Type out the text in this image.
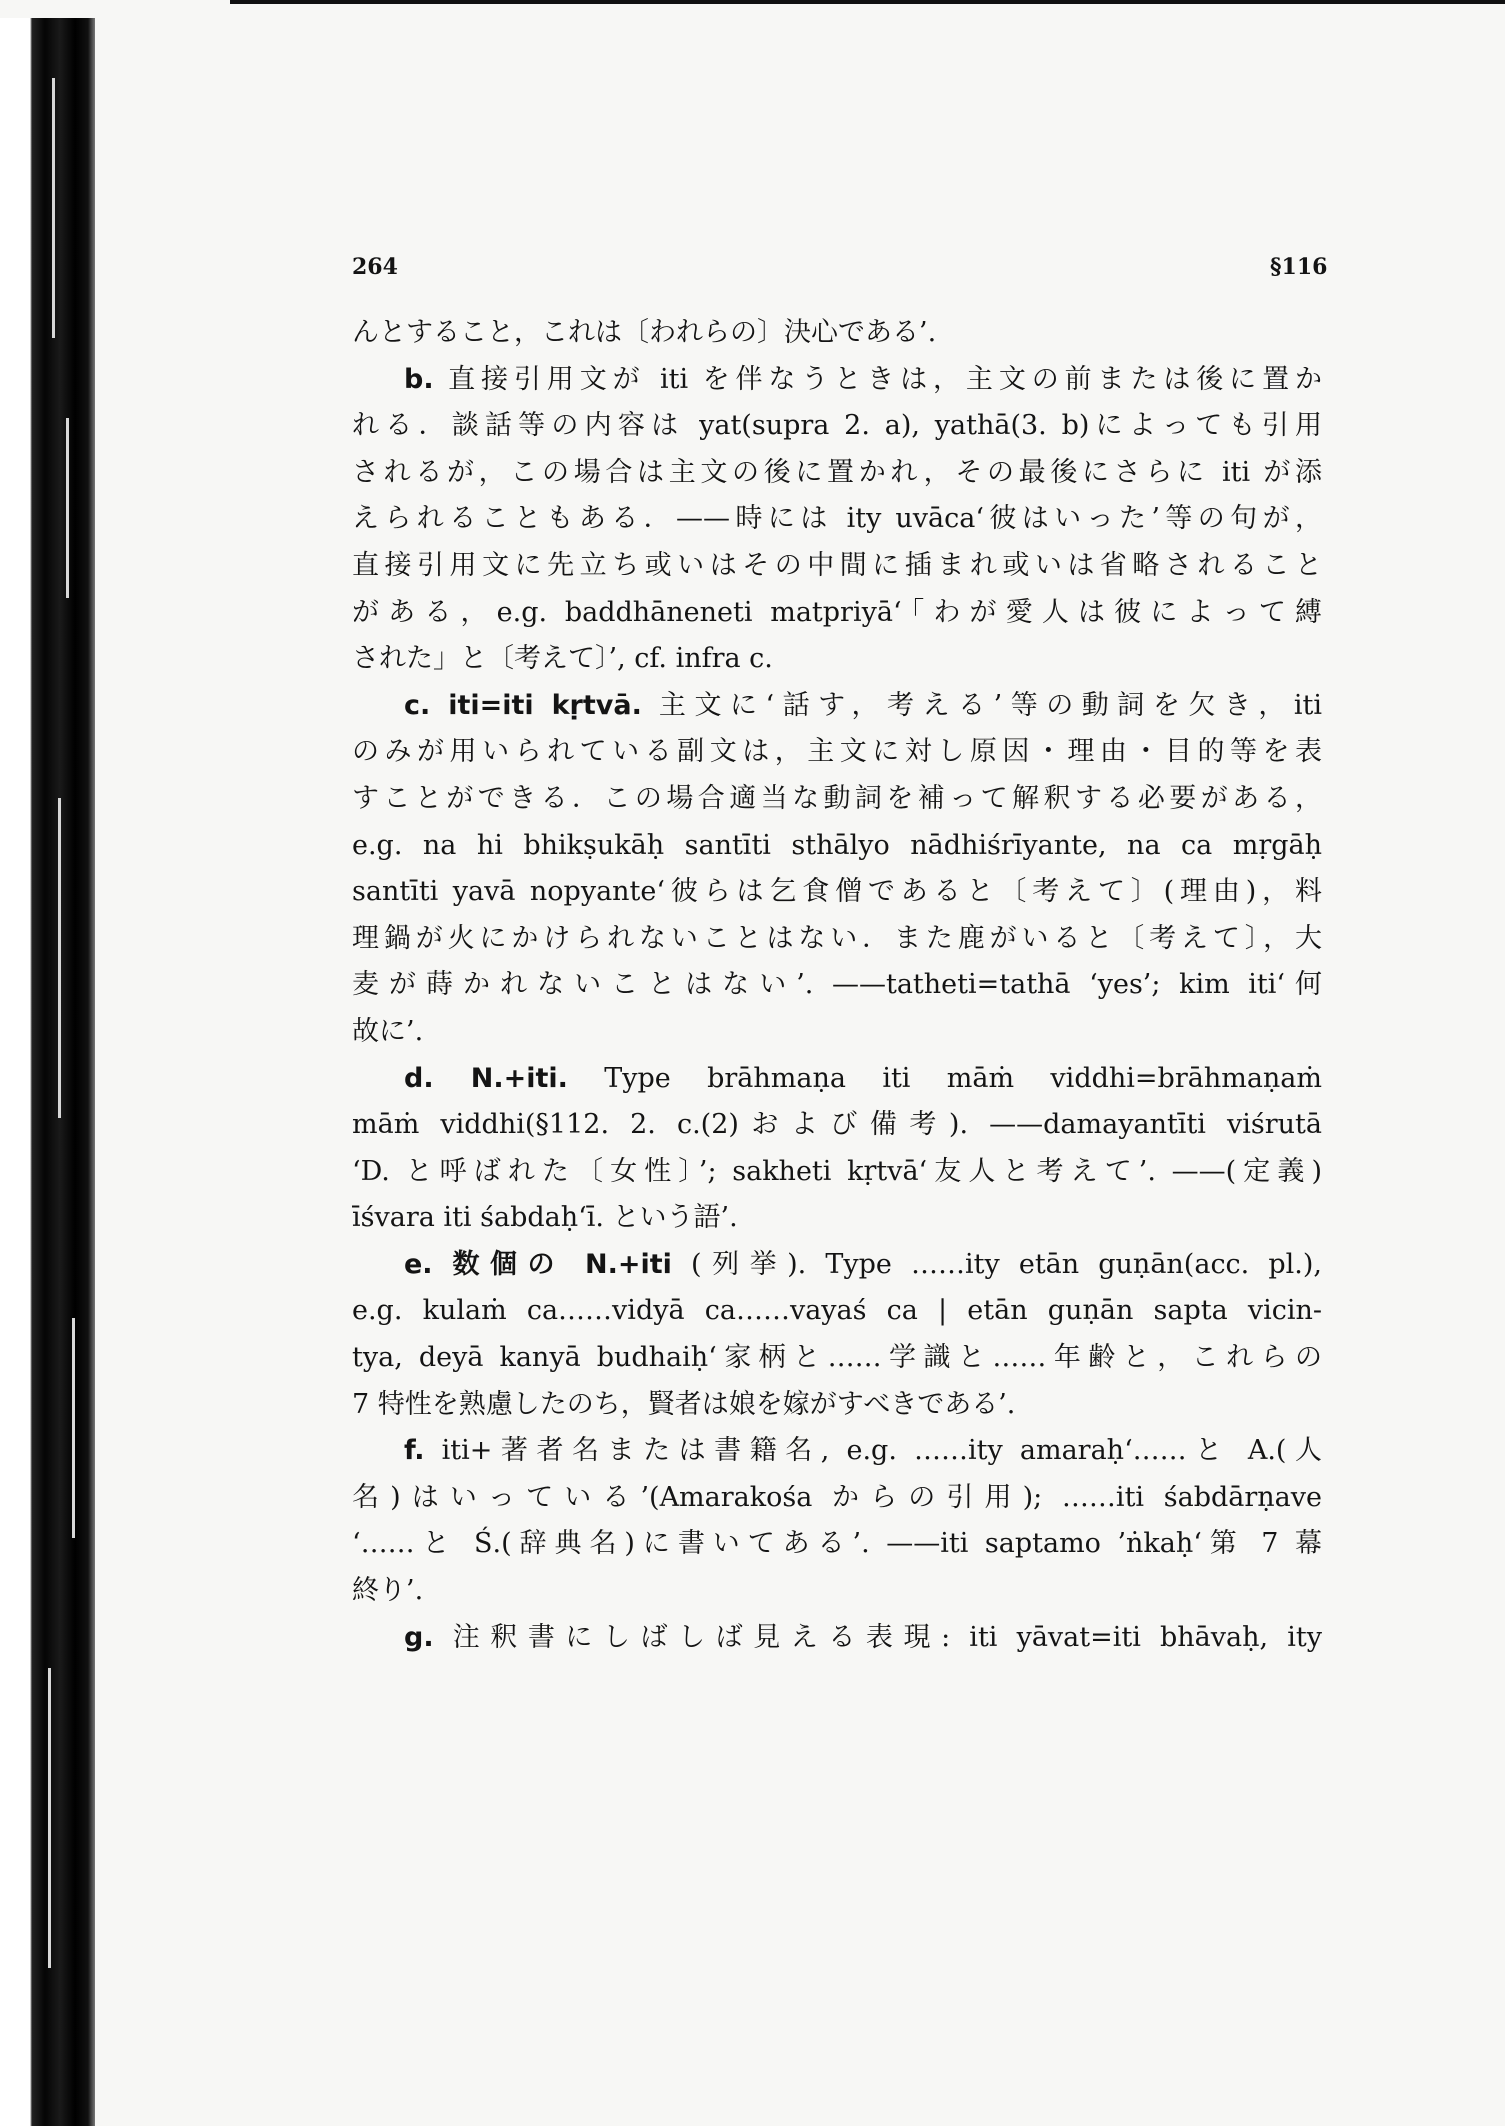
264	§116
んとすること，これは〔われらの〕決心である’.
b. 直接引用文が iti を伴なうときは，主文の前または後に置か
れる．談話等の内容は yat(supra 2. a), yathā(3. b)によっても引用
されるが，この場合は主文の後に置かれ，その最後にさらに iti が添
えられることもある．——時には ity uvāca‘彼はいった’等の句が，
直接引用文に先立ち或いはその中間に插まれ或いは省略されること
がある，e.g. baddhāneneti matpriyā‘「わが愛人は彼によって縛
された」と〔考えて〕’, cf. infra c.
c. iti=iti kṛtvā. 主文に‘話す，考える’等の動詞を欠き，iti
のみが用いられている副文は，主文に対し原因・理由・目的等を表
すことができる．この場合適当な動詞を補って解釈する必要がある，
e.g. na hi bhikṣukāḥ santīti sthālyo nādhiśrīyante, na ca mṛgāḥ
santīti yavā nopyante‘彼らは乞食僧であると〔考えて〕(理由)，料
理鍋が火にかけられないことはない．また鹿がいると〔考えて〕，大
麦が蒔かれないことはない’. ——tatheti=tathā ‘yes’; kim iti‘何
故に’.
d. N.+iti. Type brāhmaṇa iti māṁ viddhi=brāhmaṇaṁ
māṁ viddhi(§112. 2. c.(2)および備考). ——damayantīti viśrutā
‘D. と呼ばれた〔女性〕’; sakheti kṛtvā‘友人と考えて’. ——(定義)
īśvara iti śabdaḥ‘ī. という語’.
e. 数個の N.+iti (列挙). Type ……ity etān guṇān(acc. pl.),
e.g. kulaṁ ca……vidyā ca……vayaś ca | etān guṇān sapta vicin-
tya, deyā kanyā budhaiḥ‘家柄と……学識と……年齢と，これらの
7 特性を熟慮したのち，賢者は娘を嫁がすべきである’.
f. iti+著者名または書籍名, e.g. ……ity amaraḥ‘……と A.(人
名)はいっている’(Amarakośa からの引用); ……iti śabdārṇave
‘……と Ś.(辞典名)に書いてある’. ——iti saptamo ’ṅkaḥ‘第 7 幕
終り’.
g. 注釈書にしばしば見える表現: iti yāvat=iti bhāvaḥ, ity
